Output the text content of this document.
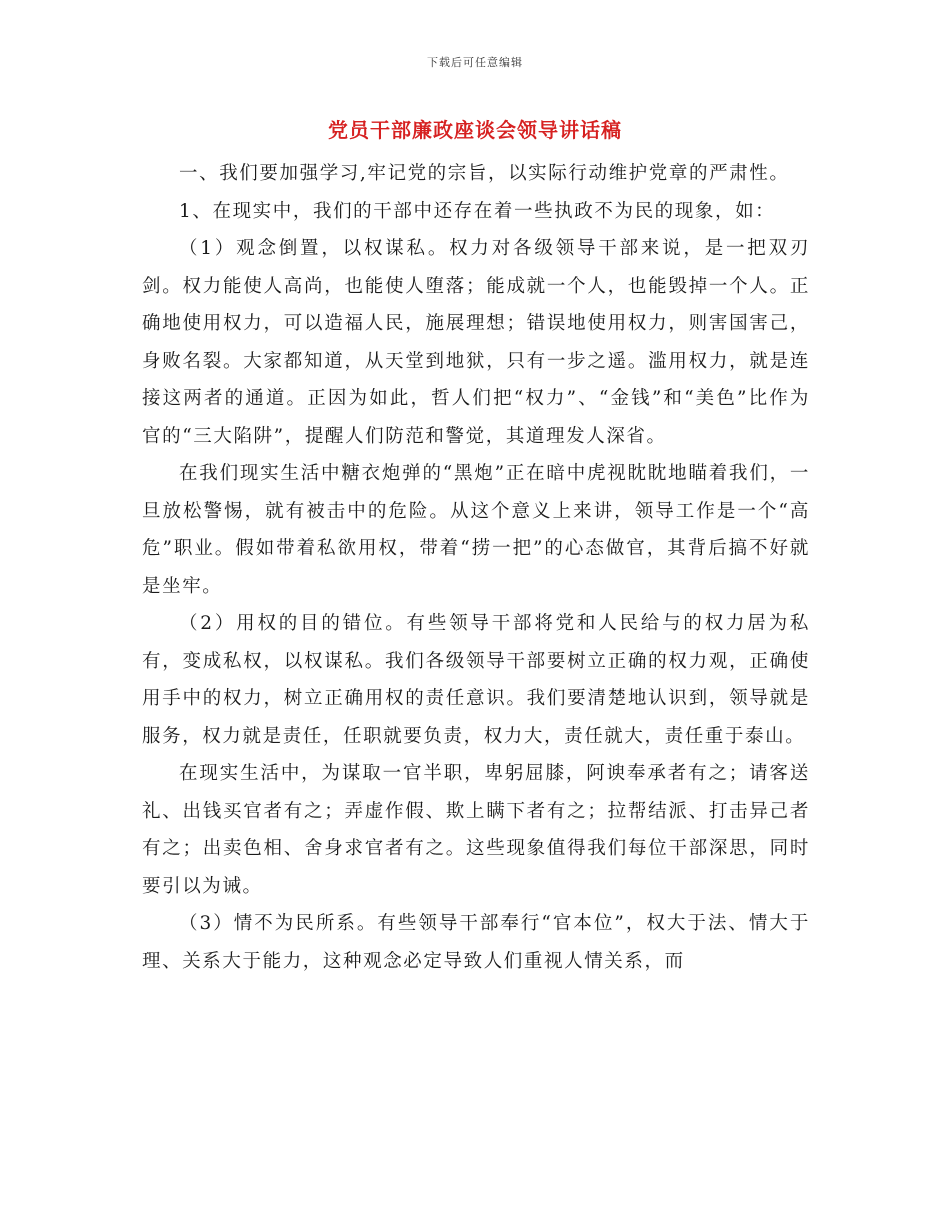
下载后可任意编辑
党员干部廉政座谈会领导讲话稿

一、我们要加强学习,牢记党的宗旨，以实际行动维护党章的严肃性。

1、在现实中，我们的干部中还存在着一些执政不为民的现象，如：

（1）观念倒置，以权谋私。权力对各级领导干部来说，是一把双刃剑。权力能使人高尚，也能使人堕落；能成就一个人，也能毁掉一个人。正确地使用权力，可以造福人民，施展理想；错误地使用权力，则害国害己，身败名裂。大家都知道，从天堂到地狱，只有一步之遥。滥用权力，就是连接这两者的通道。正因为如此，哲人们把“权力”、“金钱”和“美色”比作为官的“三大陷阱”，提醒人们防范和警觉，其道理发人深省。

在我们现实生活中糖衣炮弹的“黑炮”正在暗中虎视眈眈地瞄着我们，一旦放松警惕，就有被击中的危险。从这个意义上来讲，领导工作是一个“高危”职业。假如带着私欲用权，带着“捞一把”的心态做官，其背后搞不好就是坐牢。

（2）用权的目的错位。有些领导干部将党和人民给与的权力居为私有，变成私权，以权谋私。我们各级领导干部要树立正确的权力观，正确使用手中的权力，树立正确用权的责任意识。我们要清楚地认识到，领导就是服务，权力就是责任，任职就要负责，权力大，责任就大，责任重于泰山。

在现实生活中，为谋取一官半职，卑躬屈膝，阿谀奉承者有之；请客送礼、出钱买官者有之；弄虚作假、欺上瞒下者有之；拉帮结派、打击异己者有之；出卖色相、舍身求官者有之。这些现象值得我们每位干部深思，同时要引以为诫。

（3）情不为民所系。有些领导干部奉行“官本位”，权大于法、情大于理、关系大于能力，这种观念必定导致人们重视人情关系，而
